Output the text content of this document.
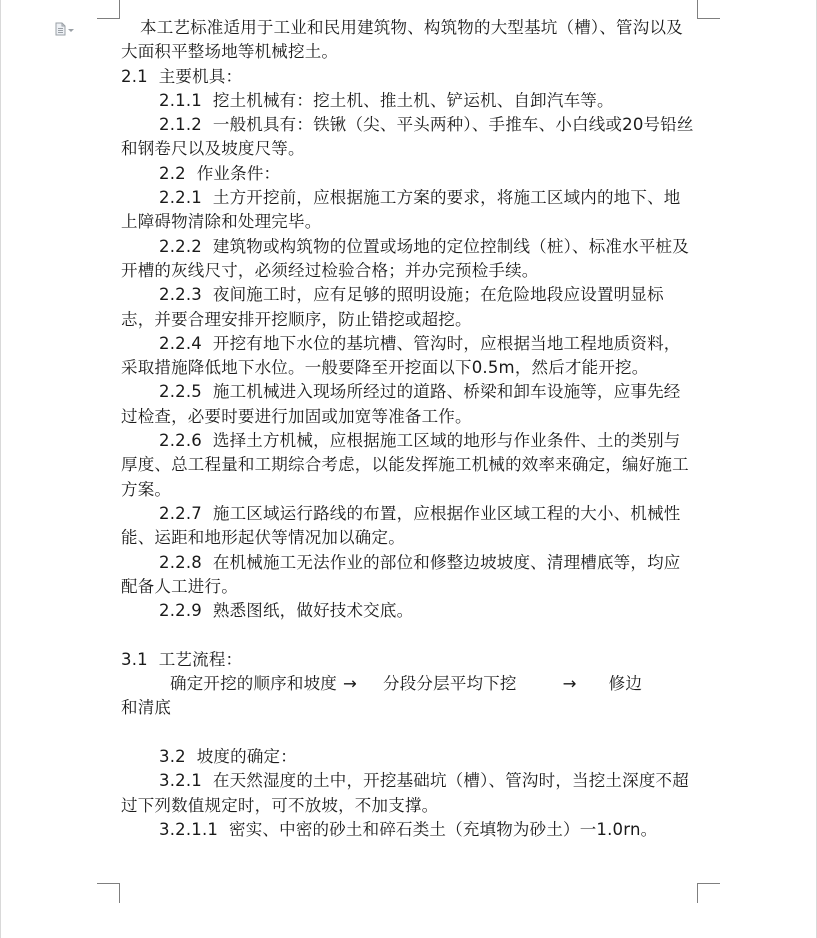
本工艺标准适用于工业和民用建筑物、构筑物的大型基坑（槽）、管沟以及大面积平整场地等机械挖土。

2.1  主要机具：

2.1.1  挖土机械有：挖土机、推土机、铲运机、自卸汽车等。

2.1.2  一般机具有：铁锹（尖、平头两种）、手推车、小白线或20号铅丝和钢卷尺以及坡度尺等。

2.2  作业条件：

2.2.1  土方开挖前，应根据施工方案的要求，将施工区域内的地下、地上障碍物清除和处理完毕。

2.2.2  建筑物或构筑物的位置或场地的定位控制线（桩）、标准水平桩及开槽的灰线尺寸，必须经过检验合格；并办完预检手续。

2.2.3  夜间施工时，应有足够的照明设施；在危险地段应设置明显标志，并要合理安排开挖顺序，防止错挖或超挖。

2.2.4  开挖有地下水位的基坑槽、管沟时，应根据当地工程地质资料，采取措施降低地下水位。一般要降至开挖面以下0.5m，然后才能开挖。

2.2.5  施工机械进入现场所经过的道路、桥梁和卸车设施等，应事先经过检查，必要时要进行加固或加宽等准备工作。

2.2.6  选择土方机械，应根据施工区域的地形与作业条件、土的类别与厚度、总工程量和工期综合考虑，以能发挥施工机械的效率来确定，编好施工方案。

2.2.7  施工区域运行路线的布置，应根据作业区域工程的大小、机械性能、运距和地形起伏等情况加以确定。

2.2.8  在机械施工无法作业的部位和修整边坡坡度、清理槽底等，均应配备人工进行。

2.2.9  熟悉图纸，做好技术交底。

3.1  工艺流程：

确定开挖的顺序和坡度 → 分段分层平均下挖	→ 修边

和清底

3.2  坡度的确定：

3.2.1  在天然湿度的土中，开挖基础坑（槽）、管沟时，当挖土深度不超过下列数值规定时，可不放坡，不加支撑。

3.2.1.1  密实、中密的砂土和碎石类土（充填物为砂土）一1.0rn。
